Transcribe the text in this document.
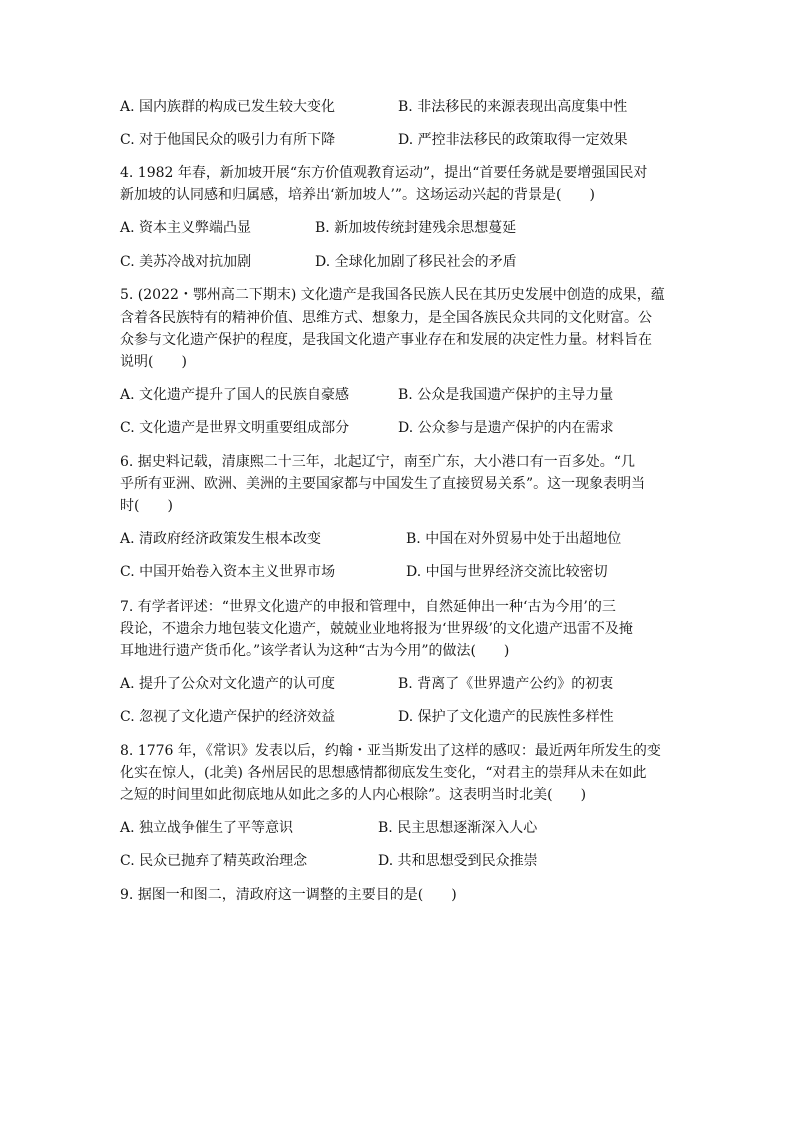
A. 国内族群的构成已发生较大变化	B. 非法移民的来源表现出高度集中性
C. 对于他国民众的吸引力有所下降	D. 严控非法移民的政策取得一定效果
4. 1982 年春，新加坡开展“东方价值观教育运动”，提出“首要任务就是要增强国民对
新加坡的认同感和归属感，培养出‘新加坡人’”。这场运动兴起的背景是(　　)
A. 资本主义弊端凸显	B. 新加坡传统封建残余思想蔓延
C. 美苏冷战对抗加剧	D. 全球化加剧了移民社会的矛盾
5. (2022・鄂州高二下期末) 文化遗产是我国各民族人民在其历史发展中创造的成果，蕴
含着各民族特有的精神价值、思维方式、想象力，是全国各族民众共同的文化财富。公
众参与文化遗产保护的程度，是我国文化遗产事业存在和发展的决定性力量。材料旨在
说明(　　)
A. 文化遗产提升了国人的民族自豪感	B. 公众是我国遗产保护的主导力量
C. 文化遗产是世界文明重要组成部分	D. 公众参与是遗产保护的内在需求
6. 据史料记载，清康熙二十三年，北起辽宁，南至广东，大小港口有一百多处。“几
乎所有亚洲、欧洲、美洲的主要国家都与中国发生了直接贸易关系”。这一现象表明当
时(　　)
A. 清政府经济政策发生根本改变	B. 中国在对外贸易中处于出超地位
C. 中国开始卷入资本主义世界市场	D. 中国与世界经济交流比较密切
7. 有学者评述：“世界文化遗产的申报和管理中，自然延伸出一种‘古为今用’的三
段论，不遗余力地包装文化遗产，兢兢业业地将报为‘世界级’的文化遗产迅雷不及掩
耳地进行遗产货币化。”该学者认为这种“古为今用”的做法(　　)
A. 提升了公众对文化遗产的认可度	B. 背离了《世界遗产公约》的初衷
C. 忽视了文化遗产保护的经济效益	D. 保护了文化遗产的民族性多样性
8. 1776 年，《常识》发表以后，约翰・亚当斯发出了这样的感叹：最近两年所发生的变
化实在惊人，(北美) 各州居民的思想感情都彻底发生变化，“对君主的崇拜从未在如此
之短的时间里如此彻底地从如此之多的人内心根除”。这表明当时北美(　　)
A. 独立战争催生了平等意识	B. 民主思想逐渐深入人心
C. 民众已抛弃了精英政治理念	D. 共和思想受到民众推崇
9. 据图一和图二，清政府这一调整的主要目的是(　　)
